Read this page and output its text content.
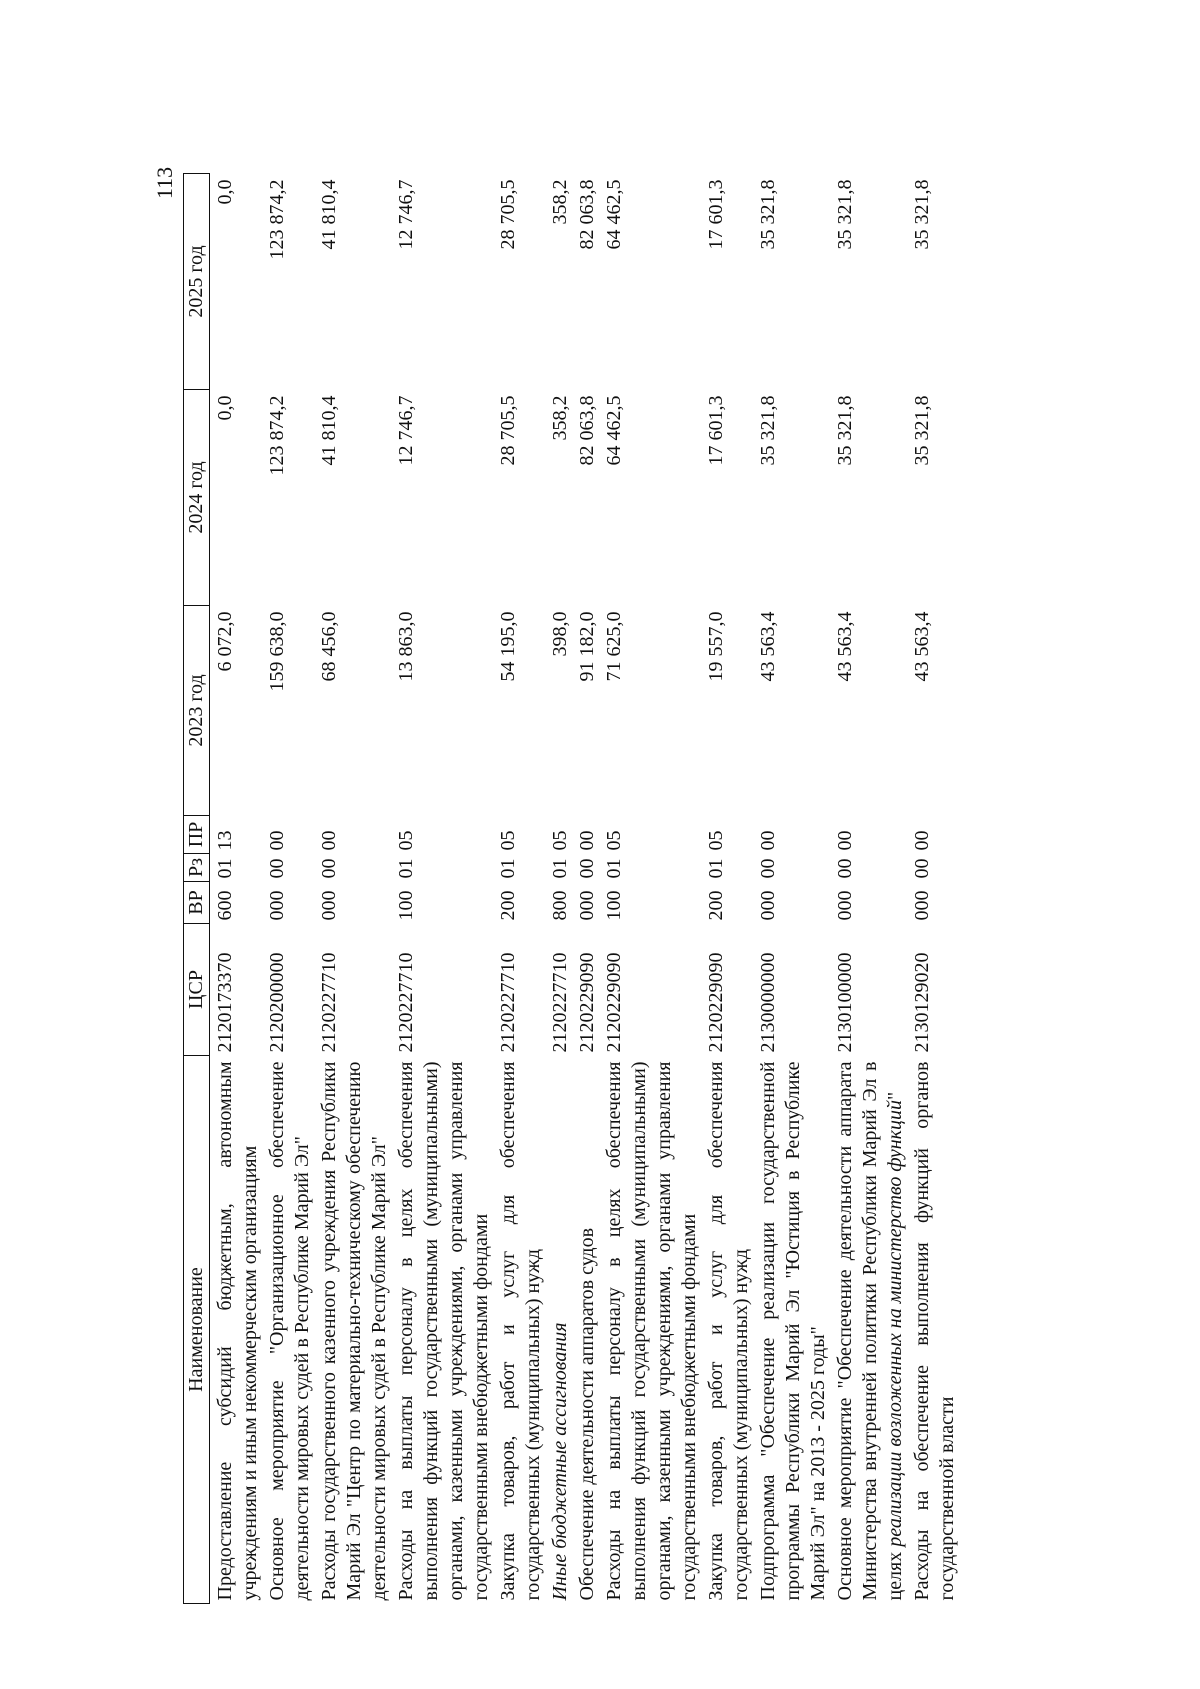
113
Наименование	ЦСР	ВР	Рз	ПР	2023 год	2024 год	2025 год
Предоставление субсидий бюджетным, автономным учреждениям и иным некоммерческим организациям	2120173370	600	01	13	6 072,0	0,0	0,0
Основное мероприятие "Организационное обеспечение деятельности мировых судей в Республике Марий Эл"	2120200000	000	00	00	159 638,0	123 874,2	123 874,2
Расходы государственного казенного учреждения Республики Марий Эл "Центр по материально-техническому обеспечению деятельности мировых судей в Республике Марий Эл"	2120227710	000	00	00	68 456,0	41 810,4	41 810,4
Расходы на выплаты персоналу в целях обеспечения выполнения функций государственными (муниципальными) органами, казенными учреждениями, органами управления государственными внебюджетными фондами	2120227710	100	01	05	13 863,0	12 746,7	12 746,7
Закупка товаров, работ и услуг для обеспечения государственных (муниципальных) нужд	2120227710	200	01	05	54 195,0	28 705,5	28 705,5
Иные бюджетные ассигнования	2120227710	800	01	05	398,0	358,2	358,2
Обеспечение деятельности аппаратов судов	2120229090	000	00	00	91 182,0	82 063,8	82 063,8
Расходы на выплаты персоналу в целях обеспечения выполнения функций государственными (муниципальными) органами, казенными учреждениями, органами управления государственными внебюджетными фондами	2120229090	100	01	05	71 625,0	64 462,5	64 462,5
Закупка товаров, работ и услуг для обеспечения государственных (муниципальных) нужд	2120229090	200	01	05	19 557,0	17 601,3	17 601,3
Подпрограмма "Обеспечение реализации государственной программы Республики Марий Эл "Юстиция в Республике Марий Эл" на 2013 - 2025 годы"	2130000000	000	00	00	43 563,4	35 321,8	35 321,8
Основное мероприятие "Обеспечение деятельности аппарата Министерства внутренней политики Республики Марий Эл в целях реализации возложенных на министерство функций"	2130100000	000	00	00	43 563,4	35 321,8	35 321,8
Расходы на обеспечение выполнения функций органов государственной власти	2130129020	000	00	00	43 563,4	35 321,8	35 321,8
